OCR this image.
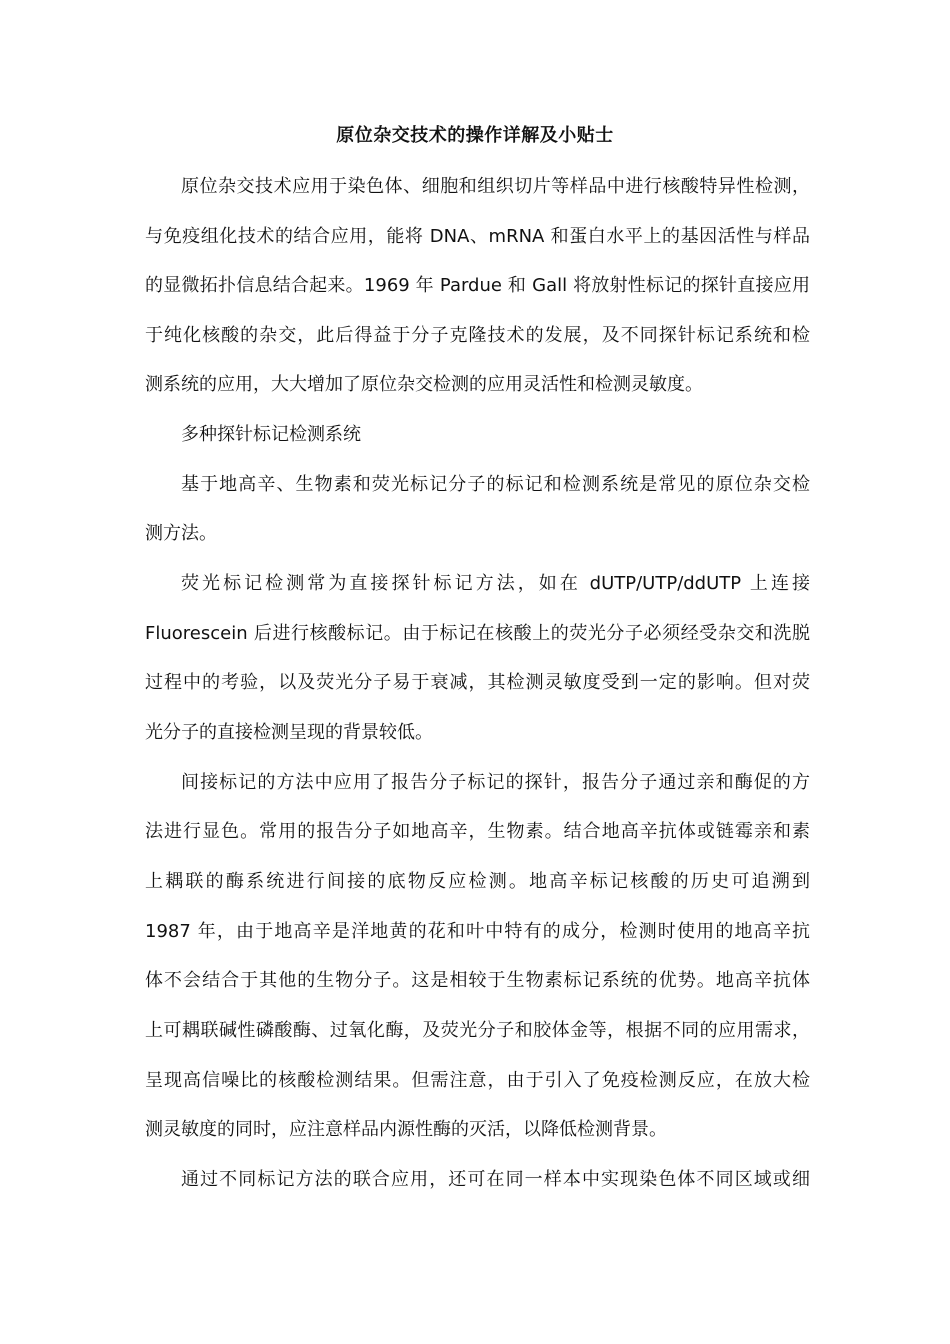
原位杂交技术的操作详解及小贴士
原位杂交技术应用于染色体、细胞和组织切片等样品中进行核酸特异性检测，
与免疫组化技术的结合应用，能将 DNA、mRNA 和蛋白水平上的基因活性与样品
的显微拓扑信息结合起来。1969 年 Pardue 和 Gall 将放射性标记的探针直接应用
于纯化核酸的杂交，此后得益于分子克隆技术的发展，及不同探针标记系统和检
测系统的应用，大大增加了原位杂交检测的应用灵活性和检测灵敏度。
多种探针标记检测系统
基于地高辛、生物素和荧光标记分子的标记和检测系统是常见的原位杂交检
测方法。
荧光标记检测常为直接探针标记方法，如在 dUTP/UTP/ddUTP 上连接
Fluorescein 后进行核酸标记。由于标记在核酸上的荧光分子必须经受杂交和洗脱
过程中的考验，以及荧光分子易于衰减，其检测灵敏度受到一定的影响。但对荧
光分子的直接检测呈现的背景较低。
间接标记的方法中应用了报告分子标记的探针，报告分子通过亲和酶促的方
法进行显色。常用的报告分子如地高辛，生物素。结合地高辛抗体或链霉亲和素
上耦联的酶系统进行间接的底物反应检测。地高辛标记核酸的历史可追溯到
1987 年，由于地高辛是洋地黄的花和叶中特有的成分，检测时使用的地高辛抗
体不会结合于其他的生物分子。这是相较于生物素标记系统的优势。地高辛抗体
上可耦联碱性磷酸酶、过氧化酶，及荧光分子和胶体金等，根据不同的应用需求，
呈现高信噪比的核酸检测结果。但需注意，由于引入了免疫检测反应，在放大检
测灵敏度的同时，应注意样品内源性酶的灭活，以降低检测背景。
通过不同标记方法的联合应用，还可在同一样本中实现染色体不同区域或细
